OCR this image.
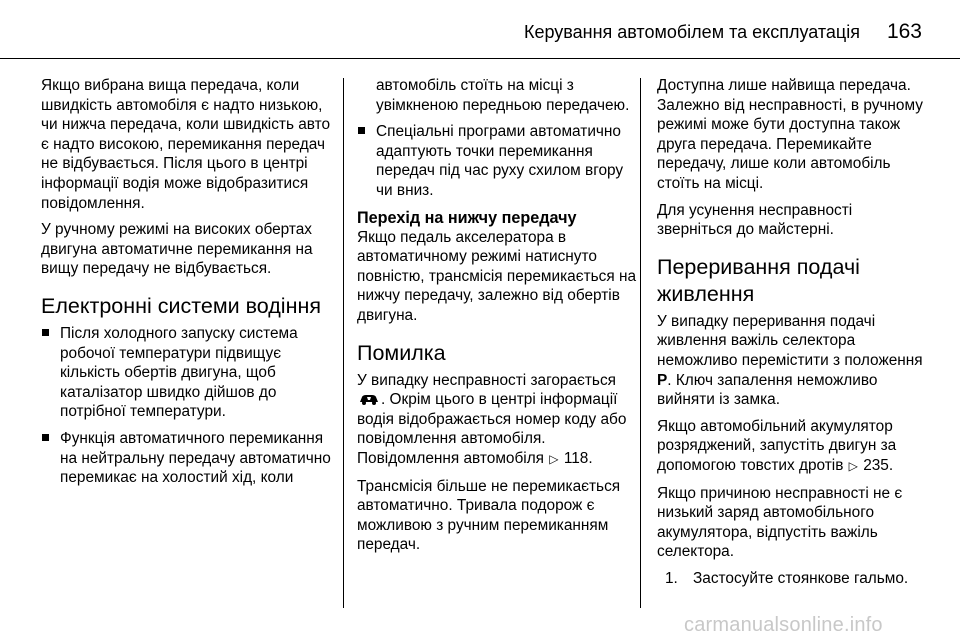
Керування автомобілем та експлуатація 163

Якщо вибрана вища передача, коли швидкість автомобіля є надто низькою, чи нижча передача, коли швидкість авто є надто високою, перемикання передач не відбувається. Після цього в центрі інформації водія може відобразитися повідомлення.

У ручному режимі на високих обертах двигуна автоматичне перемикання на вищу передачу не відбувається.

Електронні системи водіння
Після холодного запуску система робочої температури підвищує кількість обертів двигуна, щоб каталізатор швидко дійшов до потрібної температури.
Функція автоматичного перемикання на нейтральну передачу автоматично перемикає на холостий хід, коли

автомобіль стоїть на місці з увімкненою передньою передачею.

Спеціальні програми автоматично адаптують точки перемикання передач під час руху схилом вгору чи вниз.
Перехід на нижчу передачу

Якщо педаль акселератора в автоматичному режимі натиснуто повністю, трансмісія перемикається на нижчу передачу, залежно від обертів двигуна.

Помилка

У випадку несправності загорається . Окрім цього в центрі інформації водія відображається номер коду або повідомлення автомобіля. Повідомлення автомобіля ▷ 118.

Трансмісія більше не перемикається автоматично. Тривала подорож є можливою з ручним перемиканням передач.

Доступна лише найвища передача. Залежно від несправності, в ручному режимі може бути доступна також друга передача. Перемикайте передачу, лише коли автомобіль стоїть на місці.

Для усунення несправності зверніться до майстерні.

Переривання подачі живлення

У випадку переривання подачі живлення важіль селектора неможливо перемістити з положення P. Ключ запалення неможливо вийняти із замка.

Якщо автомобільний акумулятор розряджений, запустіть двигун за допомогою товстих дротів ▷ 235.

Якщо причиною несправності не є низький заряд автомобільного акумулятора, відпустіть важіль селектора.

1. Застосуйте стоянкове гальмо.
carmanualsonline.info
